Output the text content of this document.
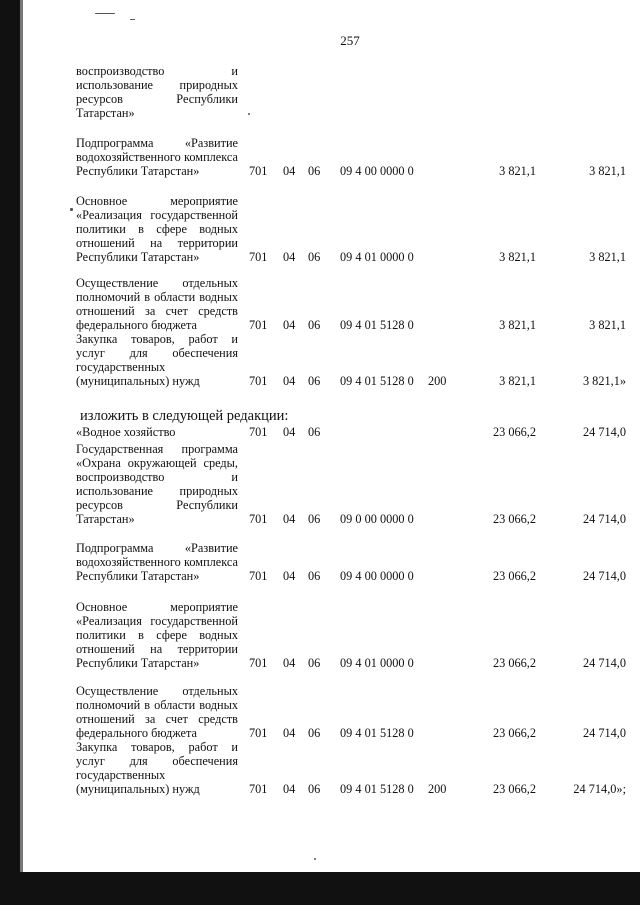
257
воспроизводство и использование природных ресурсов Республики Татарстан»
Подпрограмма «Развитие водохозяйственного комплекса Республики Татарстан»	701 04 06 09 4 00 0000 0	3 821,1	3 821,1
Основное мероприятие «Реализация государственной политики в сфере водных отношений на территории Республики Татарстан»	701 04 06 09 4 01 0000 0	3 821,1	3 821,1
Осуществление отдельных полномочий в области водных отношений за счет средств федерального бюджета	701 04 06 09 4 01 5128 0	3 821,1	3 821,1
Закупка товаров, работ и услуг для обеспечения государственных (муниципальных) нужд	701 04 06 09 4 01 5128 0 200	3 821,1	3 821,1»
изложить в следующей редакции:
«Водное хозяйство	701 04 06	23 066,2	24 714,0
Государственная программа «Охрана окружающей среды, воспроизводство и использование природных ресурсов Республики Татарстан»	701 04 06 09 0 00 0000 0	23 066,2	24 714,0
Подпрограмма «Развитие водохозяйственного комплекса Республики Татарстан»	701 04 06 09 4 00 0000 0	23 066,2	24 714,0
Основное мероприятие «Реализация государственной политики в сфере водных отношений на территории Республики Татарстан»	701 04 06 09 4 01 0000 0	23 066,2	24 714,0
Осуществление отдельных полномочий в области водных отношений за счет средств федерального бюджета	701 04 06 09 4 01 5128 0	23 066,2	24 714,0
Закупка товаров, работ и услуг для обеспечения государственных (муниципальных) нужд	701 04 06 09 4 01 5128 0 200	23 066,2	24 714,0»;
